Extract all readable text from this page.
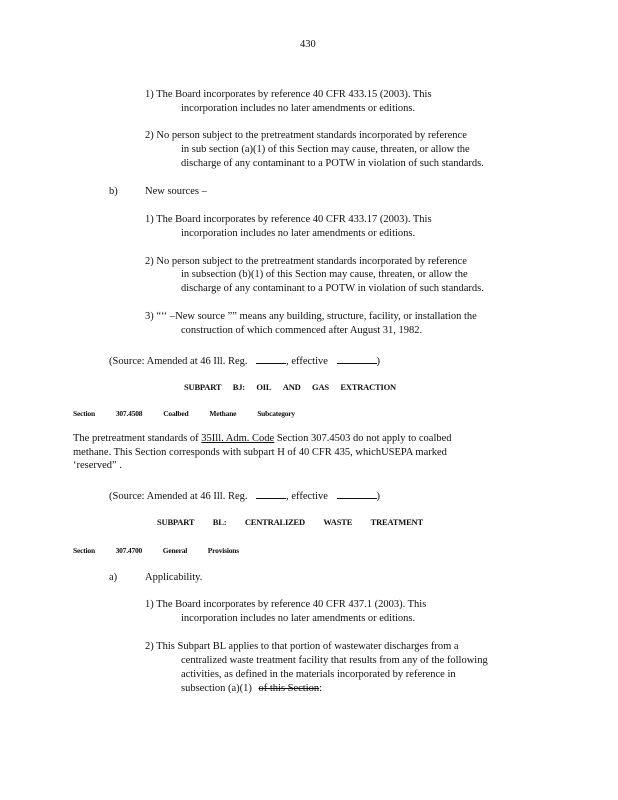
430
1) The Board incorporates by reference 40 CFR 433.15 (2003). This
incorporation includes no later amendments or editions.
2) No person subject to the pretreatment standards incorporated by reference
in sub section (a)(1) of this Section may cause, threaten, or allow the
discharge of any contaminant to a POTW in violation of such standards.
b)	New sources –
1) The Board incorporates by reference 40 CFR 433.17 (2003). This
incorporation includes no later amendments or editions.
2) No person subject to the pretreatment standards incorporated by reference
in subsection (b)(1) of this Section may cause, threaten, or allow the
discharge of any contaminant to a POTW in violation of such standards.
3) “‘‘ –New source ”” means any building, structure, facility, or installation the
construction of which commenced after August 31, 1982.
(Source: Amended at 46 Ill. Reg.	, effective	)
SUBPART BJ: OIL AND GAS EXTRACTION
Section	307.4508	Coalbed	Methane	Subcategory
The pretreatment standards of 35Ill. Adm. Code Section 307.4503 do not apply to coalbed
methane. This Section corresponds with subpart H of 40 CFR 435, whichUSEPA marked
‘reserved” .
(Source: Amended at 46 Ill. Reg.	, effective	)
SUBPART BL: CENTRALIZED WASTE TREATMENT
Section	307.4700	General	Provisions
a)	Applicability.
1) The Board incorporates by reference 40 CFR 437.1 (2003). This
incorporation includes no later amendments or editions.
2) This Subpart BL applies to that portion of wastewater discharges from a
centralized waste treatment facility that results from any of the following
activities, as defined in the materials incorporated by reference in
subsection (a)(1) of this Section:
